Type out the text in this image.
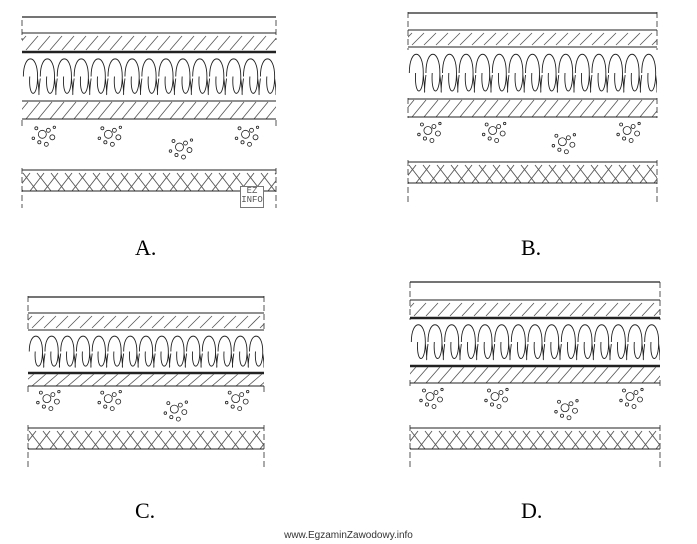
A.	B.
C.	D.
EZ INFO
www.EgzaminZawodowy.info
